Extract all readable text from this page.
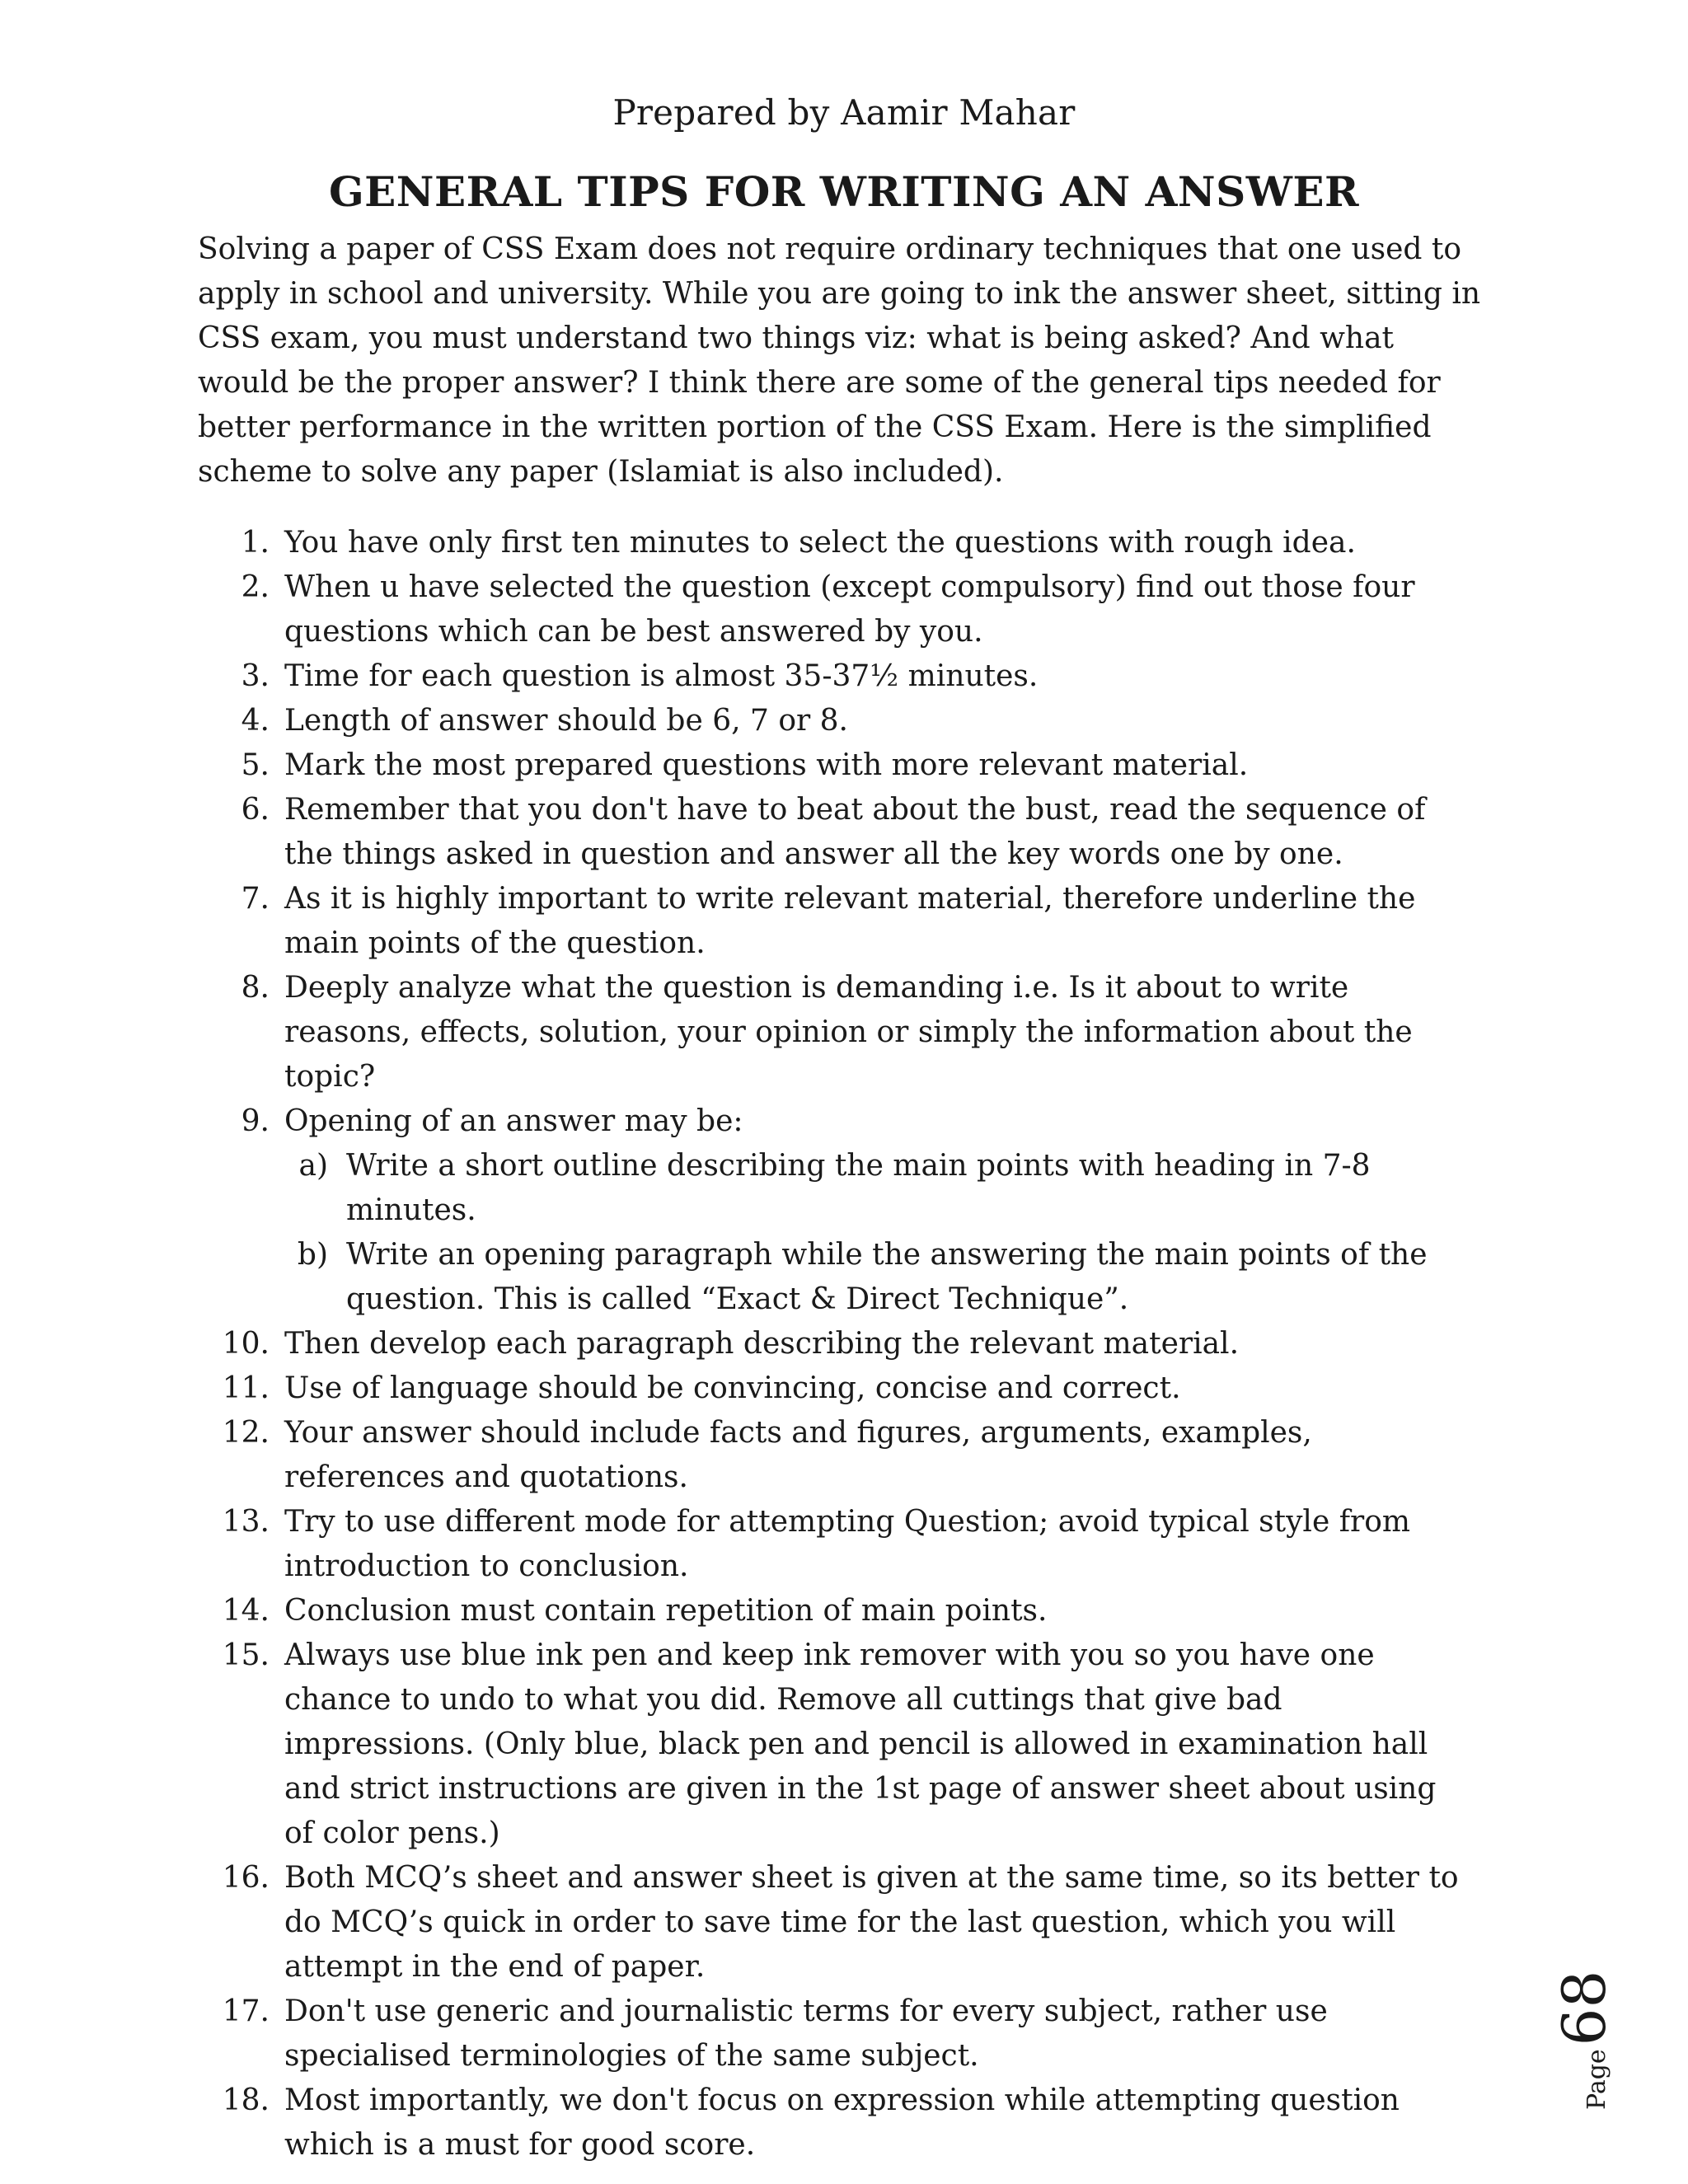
Prepared by Aamir Mahar
GENERAL TIPS FOR WRITING AN ANSWER

Solving a paper of CSS Exam does not require ordinary techniques that one used to apply in school and university. While you are going to ink the answer sheet, sitting in CSS exam, you must understand two things viz: what is being asked? And what would be the proper answer? I think there are some of the general tips needed for better performance in the written portion of the CSS Exam. Here is the simplified scheme to solve any paper (Islamiat is also included).

1. You have only first ten minutes to select the questions with rough idea.
2. When u have selected the question (except compulsory) find out those four questions which can be best answered by you.
3. Time for each question is almost 35-37½ minutes.
4. Length of answer should be 6, 7 or 8.
5. Mark the most prepared questions with more relevant material.
6. Remember that you don't have to beat about the bust, read the sequence of the things asked in question and answer all the key words one by one.
7. As it is highly important to write relevant material, therefore underline the main points of the question.
8. Deeply analyze what the question is demanding i.e. Is it about to write reasons, effects, solution, your opinion or simply the information about the topic?
9. Opening of an answer may be:
a) Write a short outline describing the main points with heading in 7-8 minutes.
b) Write an opening paragraph while the answering the main points of the question. This is called “Exact & Direct Technique”.
10. Then develop each paragraph describing the relevant material.
11. Use of language should be convincing, concise and correct.
12. Your answer should include facts and figures, arguments, examples, references and quotations.
13. Try to use different mode for attempting Question; avoid typical style from introduction to conclusion.
14. Conclusion must contain repetition of main points.
15. Always use blue ink pen and keep ink remover with you so you have one chance to undo to what you did. Remove all cuttings that give bad impressions. (Only blue, black pen and pencil is allowed in examination hall and strict instructions are given in the 1st page of answer sheet about using of color pens.)
16. Both MCQ’s sheet and answer sheet is given at the same time, so its better to do MCQ’s quick in order to save time for the last question, which you will attempt in the end of paper.
17. Don't use generic and journalistic terms for every subject, rather use specialised terminologies of the same subject.
18. Most importantly, we don't focus on expression while attempting question which is a must for good score.
Page
68
